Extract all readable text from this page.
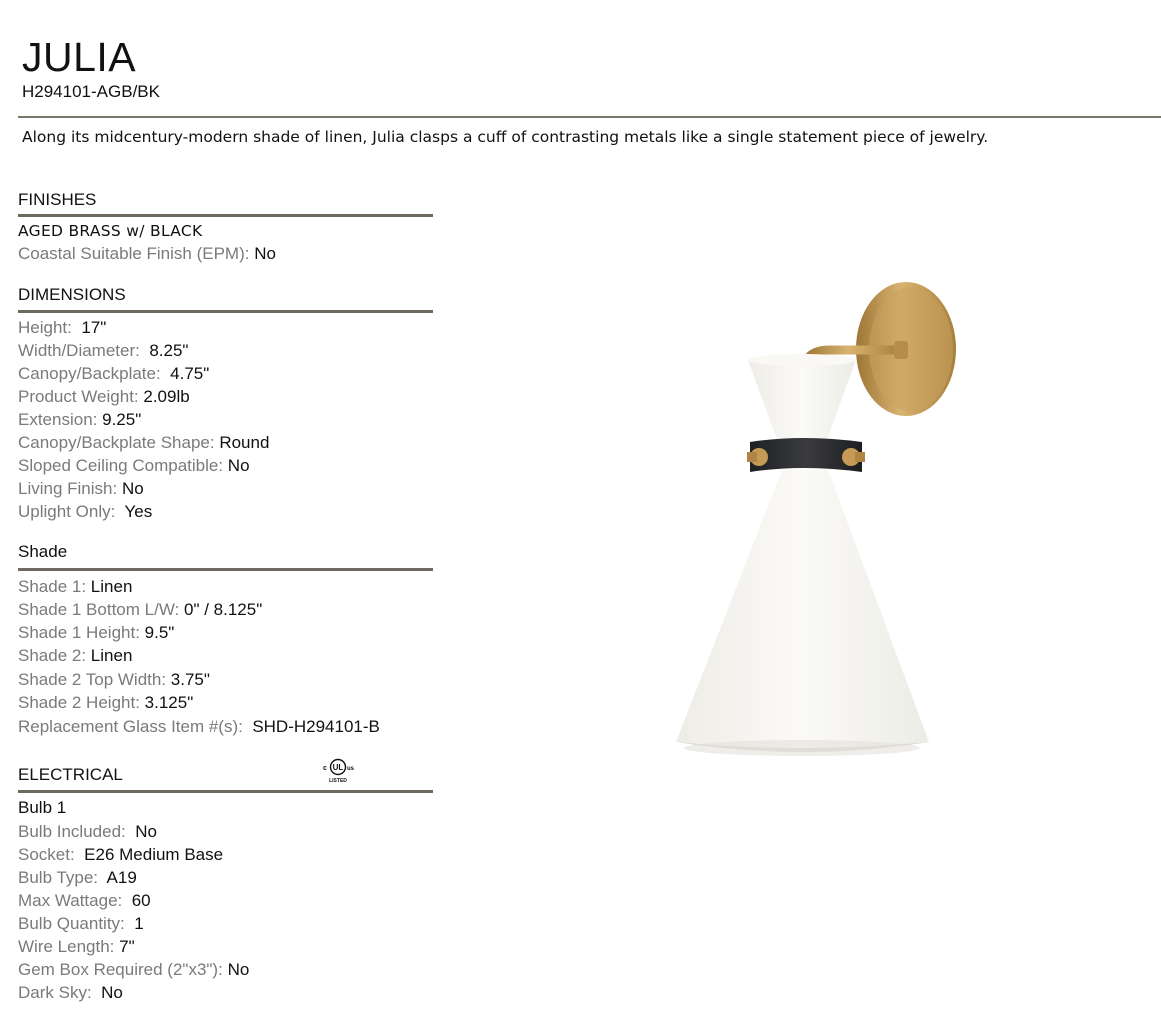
JULIA
H294101-AGB/BK
Along its midcentury-modern shade of linen, Julia clasps a cuff of contrasting metals like a single statement piece of jewelry.
FINISHES
AGED BRASS w/ BLACK
Coastal Suitable Finish (EPM): No
DIMENSIONS
Height: 17"
Width/Diameter: 8.25"
Canopy/Backplate: 4.75"
Product Weight: 2.09lb
Extension: 9.25"
Canopy/Backplate Shape: Round
Sloped Ceiling Compatible: No
Living Finish: No
Uplight Only: Yes
Shade
Shade 1: Linen
Shade 1 Bottom L/W: 0" / 8.125"
Shade 1 Height: 9.5"
Shade 2: Linen
Shade 2 Top Width: 3.75"
Shade 2 Height: 3.125"
Replacement Glass Item #(s): SHD-H294101-B
ELECTRICAL	c UL us
LISTED
Bulb 1
Bulb Included: No
Socket: E26 Medium Base
Bulb Type: A19
Max Wattage: 60
Bulb Quantity: 1
Wire Length: 7"
Gem Box Required (2"x3"): No
Dark Sky: No
